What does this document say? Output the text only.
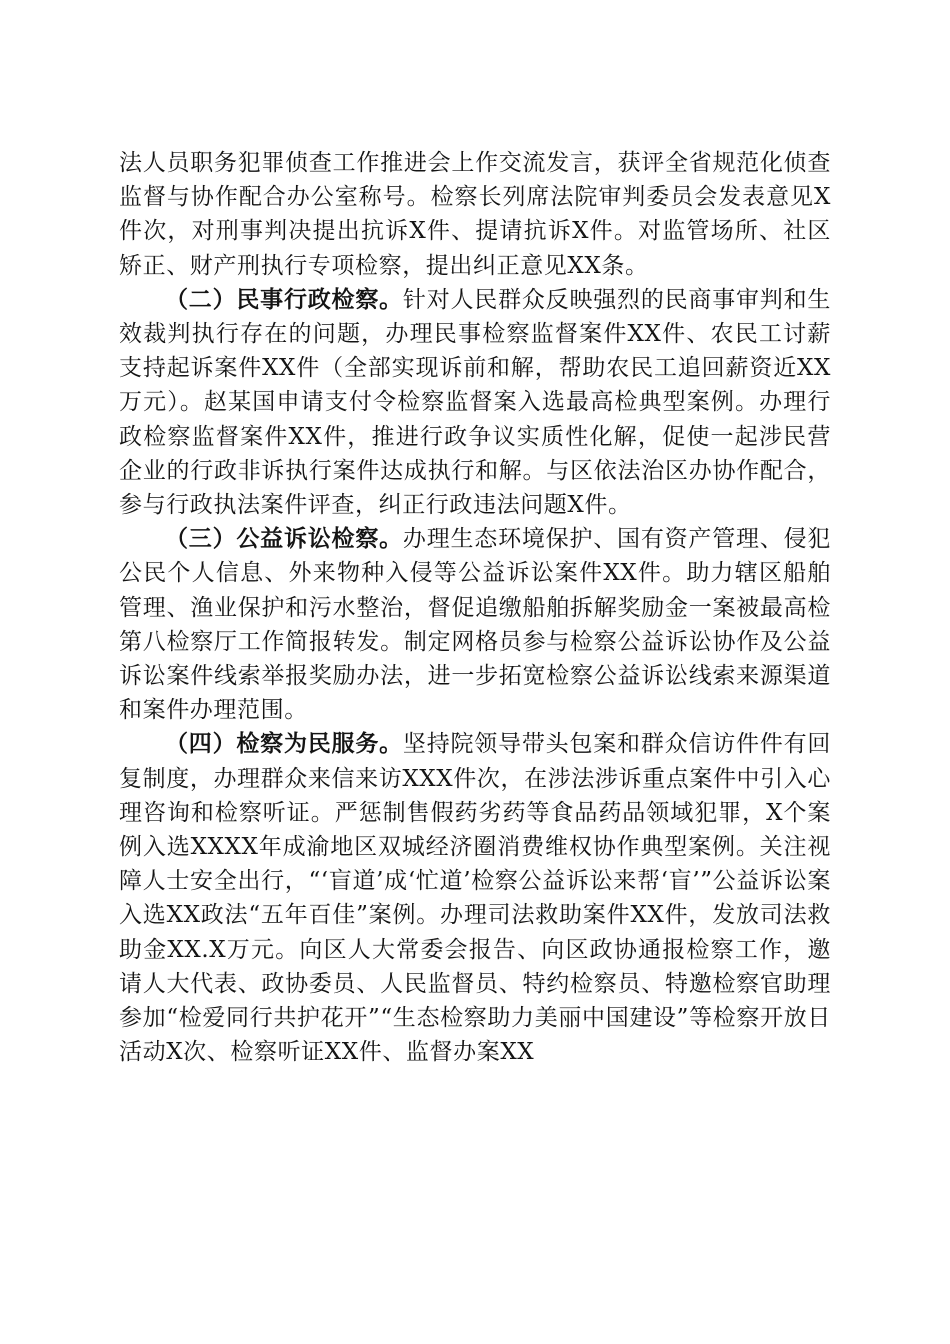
法人员职务犯罪侦查工作推进会上作交流发言，获评全省规范化侦查监督与协作配合办公室称号。检察长列席法院审判委员会发表意见X件次，对刑事判决提出抗诉X件、提请抗诉X件。对监管场所、社区矫正、财产刑执行专项检察，提出纠正意见XX条。

（二）民事行政检察。针对人民群众反映强烈的民商事审判和生效裁判执行存在的问题，办理民事检察监督案件XX件、农民工讨薪支持起诉案件XX件（全部实现诉前和解，帮助农民工追回薪资近XX万元）。赵某国申请支付令检察监督案入选最高检典型案例。办理行政检察监督案件XX件，推进行政争议实质性化解，促使一起涉民营企业的行政非诉执行案件达成执行和解。与区依法治区办协作配合，参与行政执法案件评查，纠正行政违法问题X件。

（三）公益诉讼检察。办理生态环境保护、国有资产管理、侵犯公民个人信息、外来物种入侵等公益诉讼案件XX件。助力辖区船舶管理、渔业保护和污水整治，督促追缴船舶拆解奖励金一案被最高检第八检察厅工作简报转发。制定网格员参与检察公益诉讼协作及公益诉讼案件线索举报奖励办法，进一步拓宽检察公益诉讼线索来源渠道和案件办理范围。

（四）检察为民服务。坚持院领导带头包案和群众信访件件有回复制度，办理群众来信来访XXX件次，在涉法涉诉重点案件中引入心理咨询和检察听证。严惩制售假药劣药等食品药品领域犯罪，X个案例入选XXXX年成渝地区双城经济圈消费维权协作典型案例。关注视障人士安全出行，“‘盲道’成‘忙道’检察公益诉讼来帮‘盲’”公益诉讼案入选XX政法“五年百佳”案例。办理司法救助案件XX件，发放司法救助金XX.X万元。向区人大常委会报告、向区政协通报检察工作，邀请人大代表、政协委员、人民监督员、特约检察员、特邀检察官助理参加“检爱同行共护花开”“生态检察助力美丽中国建设”等检察开放日活动X次、检察听证XX件、监督办案XX
